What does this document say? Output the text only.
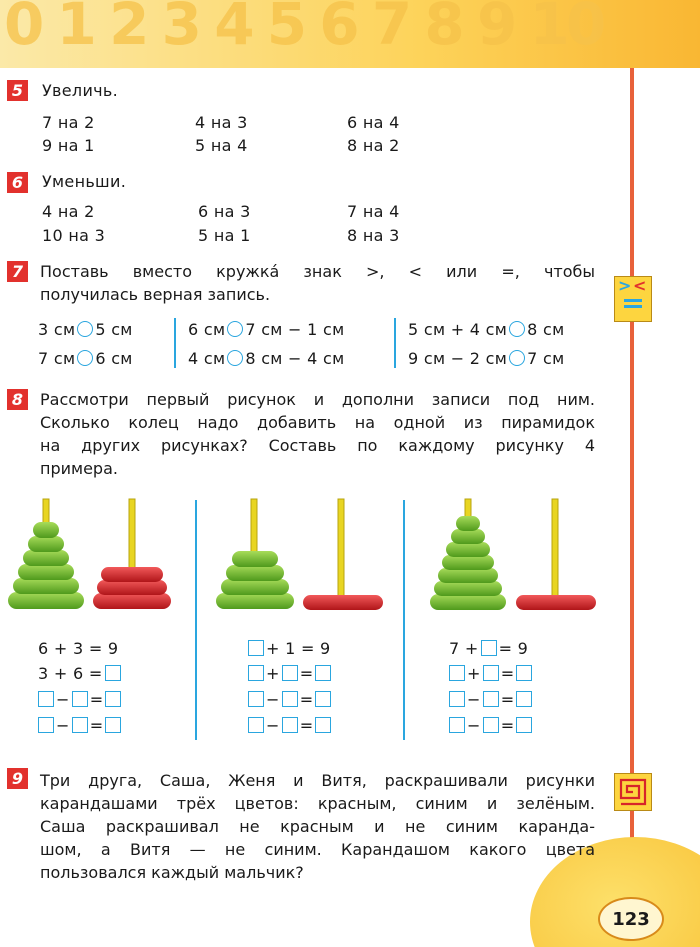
0 1 2 3 4 5 6 7 8 9 10
123
> <
5	Увеличь.
7 на 2	4 на 3	6 на 4
9 на 1	5 на 4	8 на 2
6	Уменьши.
4 на 2	6 на 3	7 на 4
10 на 3	5 на 1	8 на 3
7	Поставь вместо кружка́ знак >, < или =, чтобы
получилась верная запись.
3 см 5 см	6 см 7 см − 1 см	5 см + 4 см 8 см
7 см 6 см	4 см 8 см − 4 см	9 см − 2 см 7 см
8	Рассмотри первый рисунок и дополни записи под ним.
Сколько колец надо добавить на одной из пирамидок
на других рисунках? Составь по каждому рисунку 4
примера.
6 + 3 = 9
3 + 6 =
− =
− =
+ 1 = 9
+ =
− =
− =
7 + = 9
+ =
− =
− =
9	Три друга, Саша, Женя и Витя, раскрашивали рисунки
карандашами трёх цветов: красным, синим и зелёным.
Саша раскрашивал не красным и не синим каранда-
шом, а Витя — не синим. Карандашом какого цвета
пользовался каждый мальчик?
